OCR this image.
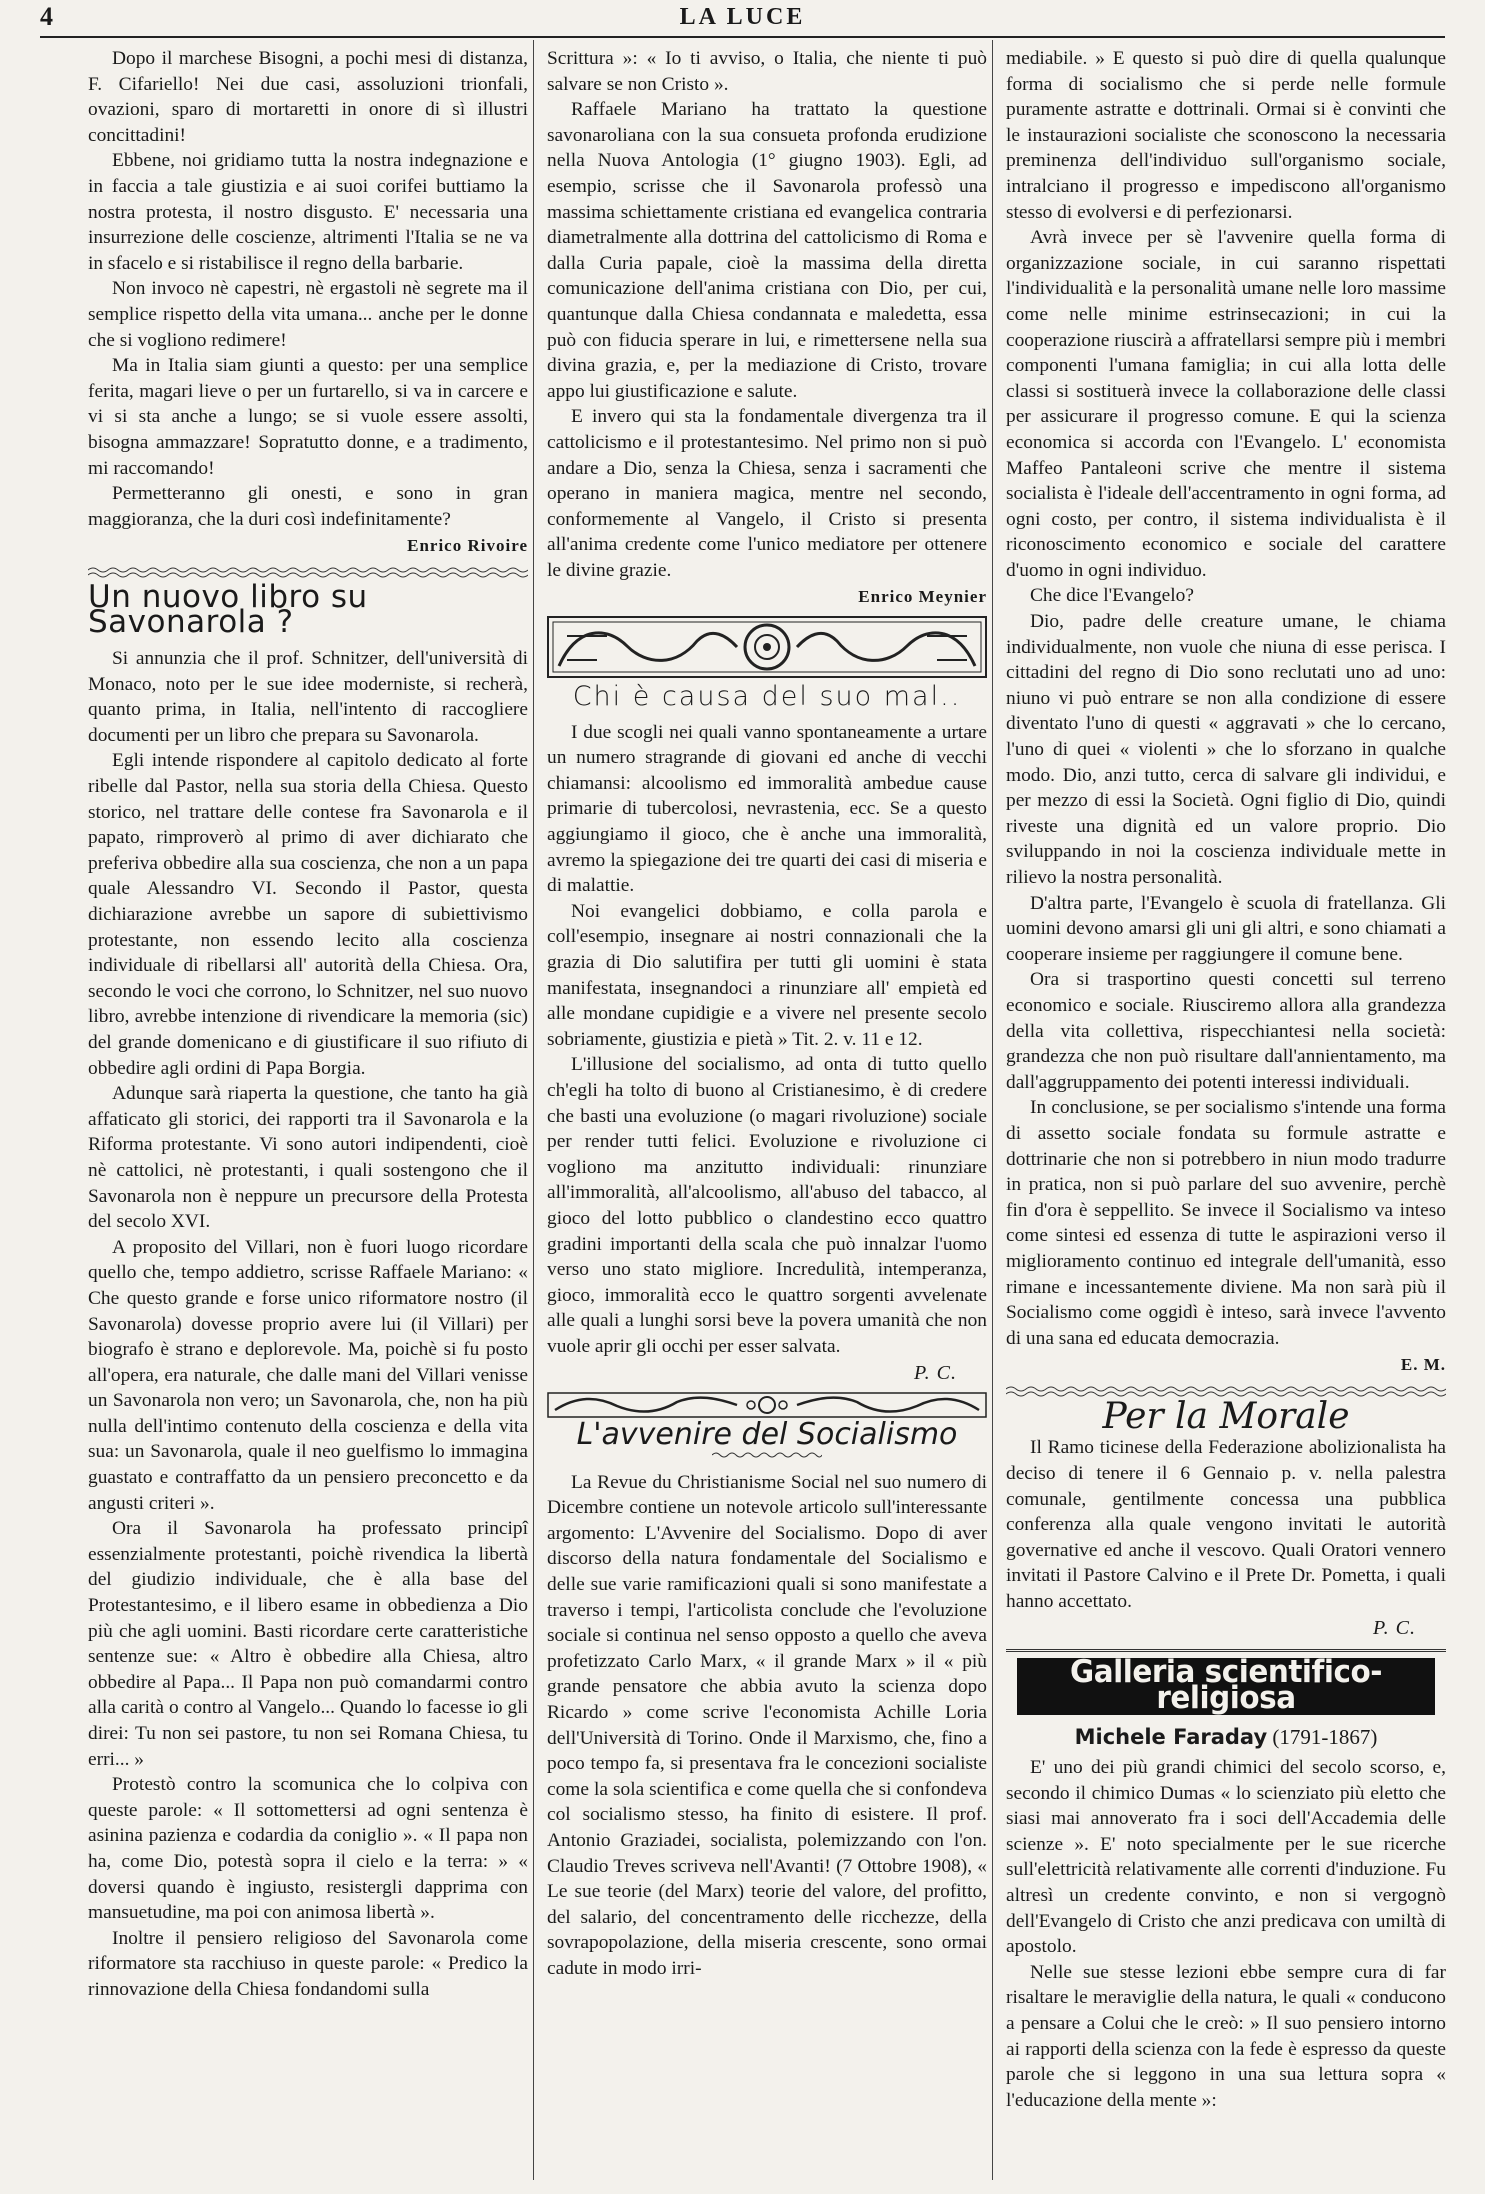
4	LA LUCE

Dopo il marchese Bisogni, a pochi mesi di distanza, F. Cifariello! Nei due casi, assoluzioni trionfali, ovazioni, sparo di mortaretti in onore di sì illustri concittadini!

Ebbene, noi gridiamo tutta la nostra indegnazione e in faccia a tale giustizia e ai suoi corifei buttiamo la nostra protesta, il nostro disgusto. E' necessaria una insurrezione delle coscienze, altrimenti l'Italia se ne va in sfacelo e si ristabilisce il regno della barbarie.

Non invoco nè capestri, nè ergastoli nè segrete ma il semplice rispetto della vita umana... anche per le donne che si vogliono redimere!

Ma in Italia siam giunti a questo: per una semplice ferita, magari lieve o per un furtarello, si va in carcere e vi si sta anche a lungo; se si vuole essere assolti, bisogna ammazzare! Sopratutto donne, e a tradimento, mi raccomando!

Permetteranno gli onesti, e sono in gran maggioranza, che la duri così indefinitamente?

Enrico Rivoire
Un nuovo libro su Savonarola ?

Si annunzia che il prof. Schnitzer, dell'università di Monaco, noto per le sue idee moderniste, si recherà, quanto prima, in Italia, nell'intento di raccogliere documenti per un libro che prepara su Savonarola.

Egli intende rispondere al capitolo dedicato al forte ribelle dal Pastor, nella sua storia della Chiesa. Questo storico, nel trattare delle contese fra Savonarola e il papato, rimproverò al primo di aver dichiarato che preferiva obbedire alla sua coscienza, che non a un papa quale Alessandro VI. Secondo il Pastor, questa dichiarazione avrebbe un sapore di subiettivismo protestante, non essendo lecito alla coscienza individuale di ribellarsi all' autorità della Chiesa. Ora, secondo le voci che corrono, lo Schnitzer, nel suo nuovo libro, avrebbe intenzione di rivendicare la memoria (sic) del grande domenicano e di giustificare il suo rifiuto di obbedire agli ordini di Papa Borgia.

Adunque sarà riaperta la questione, che tanto ha già affaticato gli storici, dei rapporti tra il Savonarola e la Riforma protestante. Vi sono autori indipendenti, cioè nè cattolici, nè protestanti, i quali sostengono che il Savonarola non è neppure un precursore della Protesta del secolo XVI.

A proposito del Villari, non è fuori luogo ricordare quello che, tempo addietro, scrisse Raffaele Mariano: « Che questo grande e forse unico riformatore nostro (il Savonarola) dovesse proprio avere lui (il Villari) per biografo è strano e deplorevole. Ma, poichè si fu posto all'opera, era naturale, che dalle mani del Villari venisse un Savonarola non vero; un Savonarola, che, non ha più nulla dell'intimo contenuto della coscienza e della vita sua: un Savonarola, quale il neo guelfismo lo immagina guastato e contraffatto da un pensiero preconcetto e da angusti criteri ».

Ora il Savonarola ha professato principî essenzialmente protestanti, poichè rivendica la libertà del giudizio individuale, che è alla base del Protestantesimo, e il libero esame in obbedienza a Dio più che agli uomini. Basti ricordare certe caratteristiche sentenze sue: « Altro è obbedire alla Chiesa, altro obbedire al Papa... Il Papa non può comandarmi contro alla carità o contro al Vangelo... Quando lo facesse io gli direi: Tu non sei pastore, tu non sei Romana Chiesa, tu erri... »

Protestò contro la scomunica che lo colpiva con queste parole: « Il sottomettersi ad ogni sentenza è asinina pazienza e codardia da coniglio ». « Il papa non ha, come Dio, potestà sopra il cielo e la terra: » « doversi quando è ingiusto, resistergli dapprima con mansuetudine, ma poi con animosa libertà ».

Inoltre il pensiero religioso del Savonarola come riformatore sta racchiuso in queste parole: « Predico la rinnovazione della Chiesa fondandomi sulla

Scrittura »: « Io ti avviso, o Italia, che niente ti può salvare se non Cristo ».

Raffaele Mariano ha trattato la questione savonaroliana con la sua consueta profonda erudizione nella Nuova Antologia (1° giugno 1903). Egli, ad esempio, scrisse che il Savonarola professò una massima schiettamente cristiana ed evangelica contraria diametralmente alla dottrina del cattolicismo di Roma e dalla Curia papale, cioè la massima della diretta comunicazione dell'anima cristiana con Dio, per cui, quantunque dalla Chiesa condannata e maledetta, essa può con fiducia sperare in lui, e rimettersene nella sua divina grazia, e, per la mediazione di Cristo, trovare appo lui giustificazione e salute.

E invero qui sta la fondamentale divergenza tra il cattolicismo e il protestantesimo. Nel primo non si può andare a Dio, senza la Chiesa, senza i sacramenti che operano in maniera magica, mentre nel secondo, conformemente al Vangelo, il Cristo si presenta all'anima credente come l'unico mediatore per ottenere le divine grazie.

Enrico Meynier
Chi è causa del suo mal..

I due scogli nei quali vanno spontaneamente a urtare un numero stragrande di giovani ed anche di vecchi chiamansi: alcoolismo ed immoralità ambedue cause primarie di tubercolosi, nevrastenia, ecc. Se a questo aggiungiamo il gioco, che è anche una immoralità, avremo la spiegazione dei tre quarti dei casi di miseria e di malattie.

Noi evangelici dobbiamo, e colla parola e coll'esempio, insegnare ai nostri connazionali che la grazia di Dio salutifira per tutti gli uomini è stata manifestata, insegnandoci a rinunziare all' empietà ed alle mondane cupidigie e a vivere nel presente secolo sobriamente, giustizia e pietà » Tit. 2. v. 11 e 12.

L'illusione del socialismo, ad onta di tutto quello ch'egli ha tolto di buono al Cristianesimo, è di credere che basti una evoluzione (o magari rivoluzione) sociale per render tutti felici. Evoluzione e rivoluzione ci vogliono ma anzitutto individuali: rinunziare all'immoralità, all'alcoolismo, all'abuso del tabacco, al gioco del lotto pubblico o clandestino ecco quattro gradini importanti della scala che può innalzar l'uomo verso uno stato migliore. Incredulità, intemperanza, gioco, immoralità ecco le quattro sorgenti avvelenate alle quali a lunghi sorsi beve la povera umanità che non vuole aprir gli occhi per esser salvata.

P. C.
L'avvenire del Socialismo

La Revue du Christianisme Social nel suo numero di Dicembre contiene un notevole articolo sull'interessante argomento: L'Avvenire del Socialismo. Dopo di aver discorso della natura fondamentale del Socialismo e delle sue varie ramificazioni quali si sono manifestate a traverso i tempi, l'articolista conclude che l'evoluzione sociale si continua nel senso opposto a quello che aveva profetizzato Carlo Marx, « il grande Marx » il « più grande pensatore che abbia avuto la scienza dopo Ricardo » come scrive l'economista Achille Loria dell'Università di Torino. Onde il Marxismo, che, fino a poco tempo fa, si presentava fra le concezioni socialiste come la sola scientifica e come quella che si confondeva col socialismo stesso, ha finito di esistere. Il prof. Antonio Graziadei, socialista, polemizzando con l'on. Claudio Treves scriveva nell'Avanti! (7 Ottobre 1908), « Le sue teorie (del Marx) teorie del valore, del profitto, del salario, del concentramento delle ricchezze, della sovrapopolazione, della miseria crescente, sono ormai cadute in modo irri-

mediabile. » E questo si può dire di quella qualunque forma di socialismo che si perde nelle formule puramente astratte e dottrinali. Ormai si è convinti che le instaurazioni socialiste che sconoscono la necessaria preminenza dell'individuo sull'organismo sociale, intralciano il progresso e impediscono all'organismo stesso di evolversi e di perfezionarsi.

Avrà invece per sè l'avvenire quella forma di organizzazione sociale, in cui saranno rispettati l'individualità e la personalità umane nelle loro massime come nelle minime estrinsecazioni; in cui la cooperazione riuscirà a affratellarsi sempre più i membri componenti l'umana famiglia; in cui alla lotta delle classi si sostituerà invece la collaborazione delle classi per assicurare il progresso comune. E qui la scienza economica si accorda con l'Evangelo. L' economista Maffeo Pantaleoni scrive che mentre il sistema socialista è l'ideale dell'accentramento in ogni forma, ad ogni costo, per contro, il sistema individualista è il riconoscimento economico e sociale del carattere d'uomo in ogni individuo.

Che dice l'Evangelo?

Dio, padre delle creature umane, le chiama individualmente, non vuole che niuna di esse perisca. I cittadini del regno di Dio sono reclutati uno ad uno: niuno vi può entrare se non alla condizione di essere diventato l'uno di questi « aggravati » che lo cercano, l'uno di quei « violenti » che lo sforzano in qualche modo. Dio, anzi tutto, cerca di salvare gli individui, e per mezzo di essi la Società. Ogni figlio di Dio, quindi riveste una dignità ed un valore proprio. Dio sviluppando in noi la coscienza individuale mette in rilievo la nostra personalità.

D'altra parte, l'Evangelo è scuola di fratellanza. Gli uomini devono amarsi gli uni gli altri, e sono chiamati a cooperare insieme per raggiungere il comune bene.

Ora si trasportino questi concetti sul terreno economico e sociale. Riusciremo allora alla grandezza della vita collettiva, rispecchiantesi nella società: grandezza che non può risultare dall'annientamento, ma dall'aggruppamento dei potenti interessi individuali.

In conclusione, se per socialismo s'intende una forma di assetto sociale fondata su formule astratte e dottrinarie che non si potrebbero in niun modo tradurre in pratica, non si può parlare del suo avvenire, perchè fin d'ora è seppellito. Se invece il Socialismo va inteso come sintesi ed essenza di tutte le aspirazioni verso il miglioramento continuo ed integrale dell'umanità, esso rimane e incessantemente diviene. Ma non sarà più il Socialismo come oggidì è inteso, sarà invece l'avvento di una sana ed educata democrazia.

E. M.
Per la Morale

Il Ramo ticinese della Federazione abolizionalista ha deciso di tenere il 6 Gennaio p. v. nella palestra comunale, gentilmente concessa una pubblica conferenza alla quale vengono invitati le autorità governative ed anche il vescovo. Quali Oratori vennero invitati il Pastore Calvino e il Prete Dr. Pometta, i quali hanno accettato.

P. C.
Galleria scientifico-religiosa
Michele Faraday (1791-1867)

E' uno dei più grandi chimici del secolo scorso, e, secondo il chimico Dumas « lo scienziato più eletto che siasi mai annoverato fra i soci dell'Accademia delle scienze ». E' noto specialmente per le sue ricerche sull'elettricità relativamente alle correnti d'induzione. Fu altresì un credente convinto, e non si vergognò dell'Evangelo di Cristo che anzi predicava con umiltà di apostolo.

Nelle sue stesse lezioni ebbe sempre cura di far risaltare le meraviglie della natura, le quali « conducono a pensare a Colui che le creò: » Il suo pensiero intorno ai rapporti della scienza con la fede è espresso da queste parole che si leggono in una sua lettura sopra « l'educazione della mente »:
